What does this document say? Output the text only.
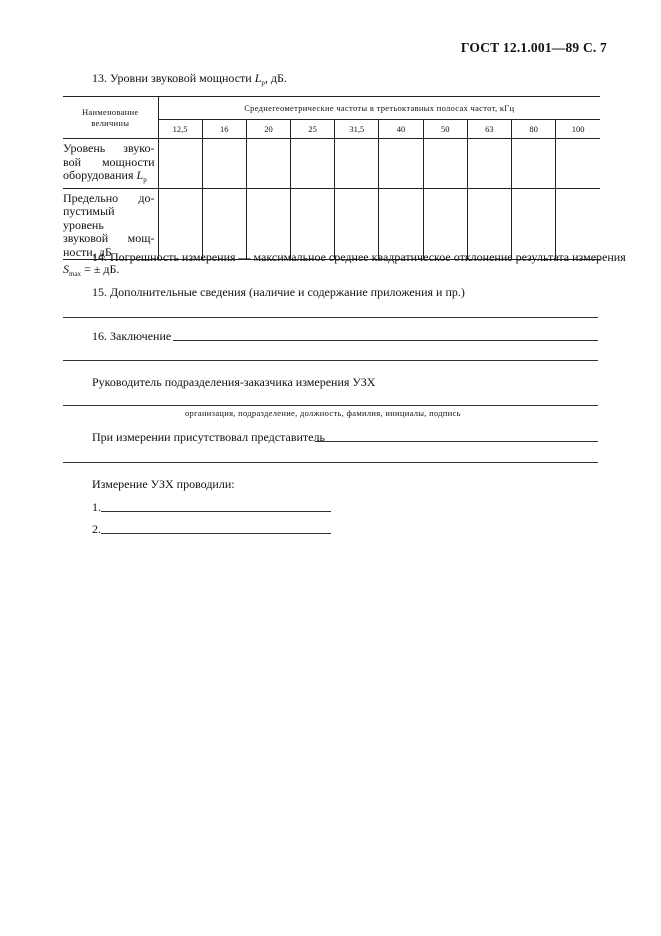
ГОСТ 12.1.001—89 С. 7
13. Уровни звуковой мощности $L_p$, дБ.
Наименование величины	Среднегеометрические частоты в третьоктавных полосах частот, кГц									
	12,5	16	20	25	31,5	40	50	63	80	100

Уровень звуко-
вой мощности
оборудования $L_p$

Предельно до-
пустимый уровень
звуковой мощ-
ности, дБ										

14. Погрешность измерения — максимальное среднее квадратическое отклонение результата измерения
$S_{max}$ = ± дБ.
15. Дополнительные сведения (наличие и содержание приложения и пр.)
16. Заключение
Руководитель подразделения-заказчика измерения УЗХ
организация, подразделение, должность, фамилия, инициалы, подпись
При измерении присутствовал представитель
Измерение УЗХ проводили:
1.
2.
